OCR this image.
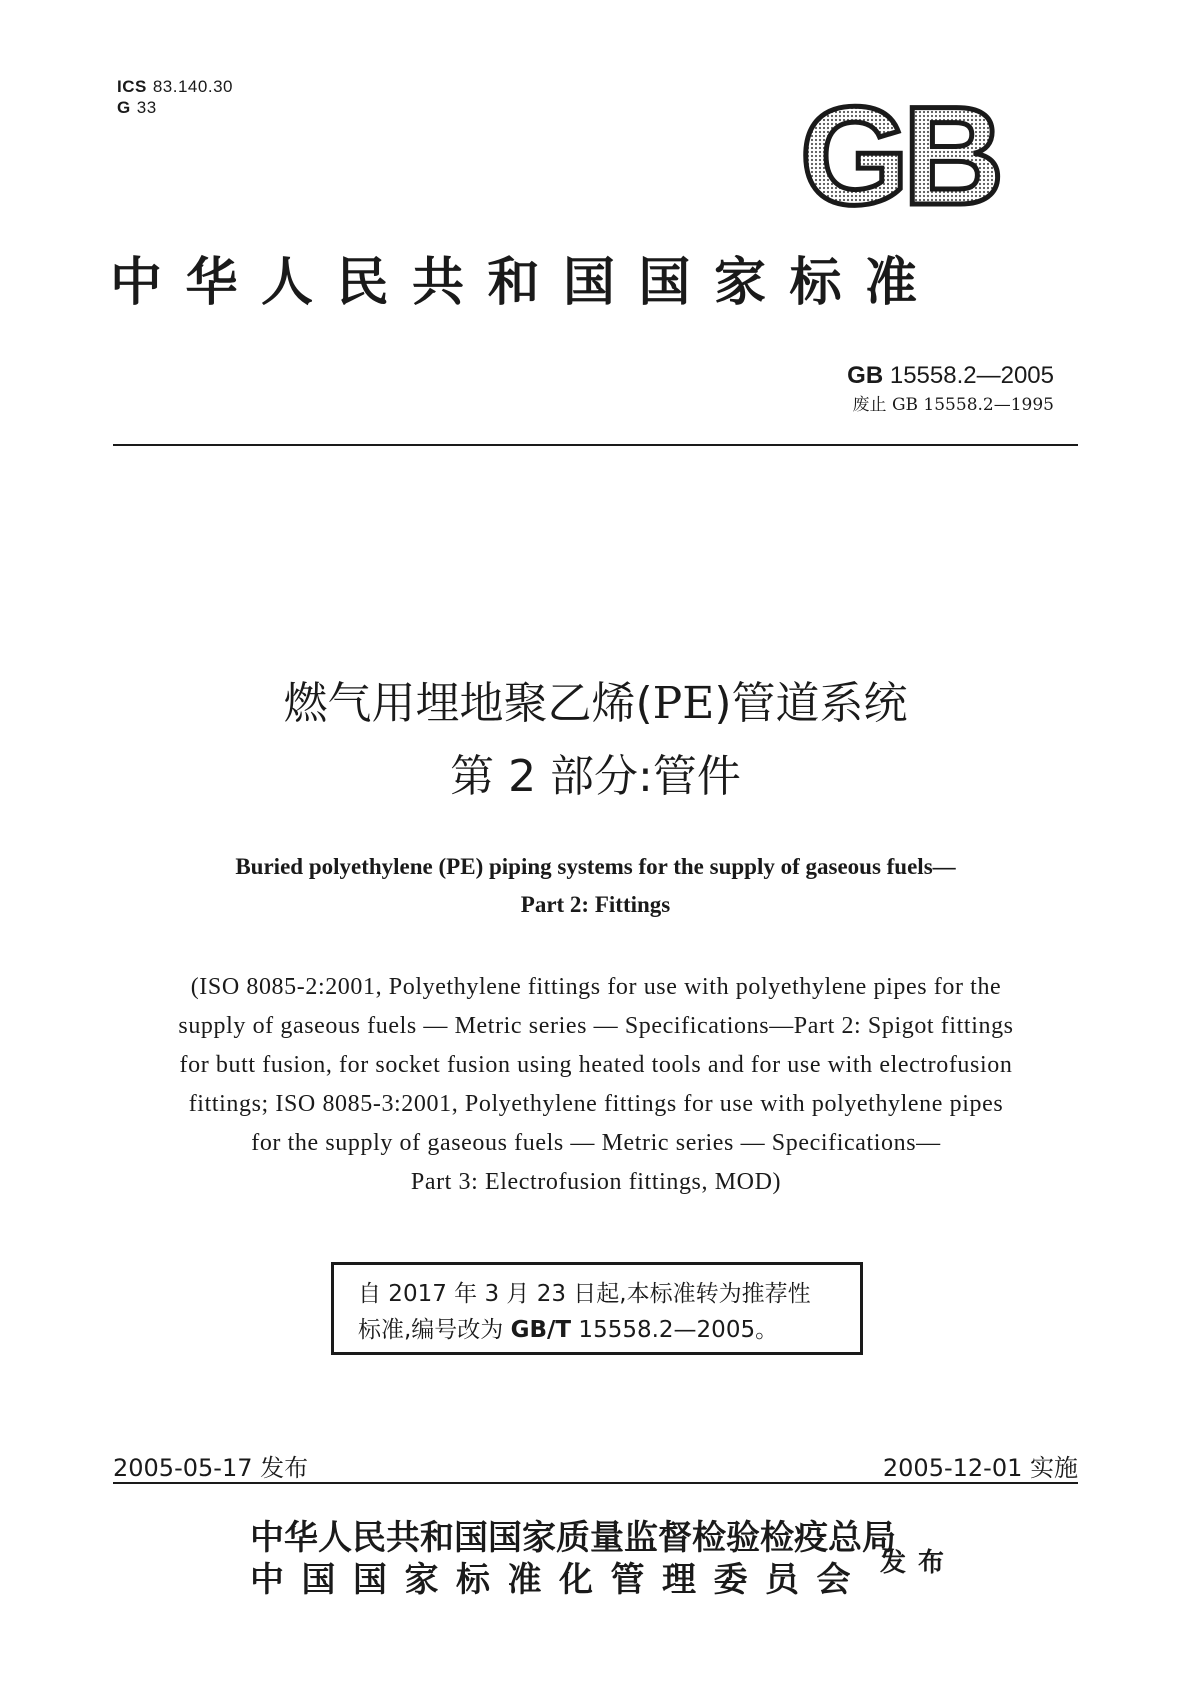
ICS 83.140.30
G 33	GB
中华人民共和国国家标准
GB 15558.2—2005
废止 GB 15558.2—1995
燃气用埋地聚乙烯(PE)管道系统
第 2 部分:管件
Buried polyethylene (PE) piping systems for the supply of gaseous fuels—
Part 2: Fittings
(ISO 8085-2:2001, Polyethylene fittings for use with polyethylene pipes for the
supply of gaseous fuels — Metric series — Specifications—Part 2: Spigot fittings
for butt fusion, for socket fusion using heated tools and for use with electrofusion
fittings; ISO 8085-3:2001, Polyethylene fittings for use with polyethylene pipes
for the supply of gaseous fuels — Metric series — Specifications—
Part 3: Electrofusion fittings, MOD)
自 2017 年 3 月 23 日起,本标准转为推荐性
标准,编号改为 GB/T 15558.2—2005。
2005-05-17 发布	2005-12-01 实施
中华人民共和国国家质量监督检验检疫总局
中国国家标准化管理委员会 发布
